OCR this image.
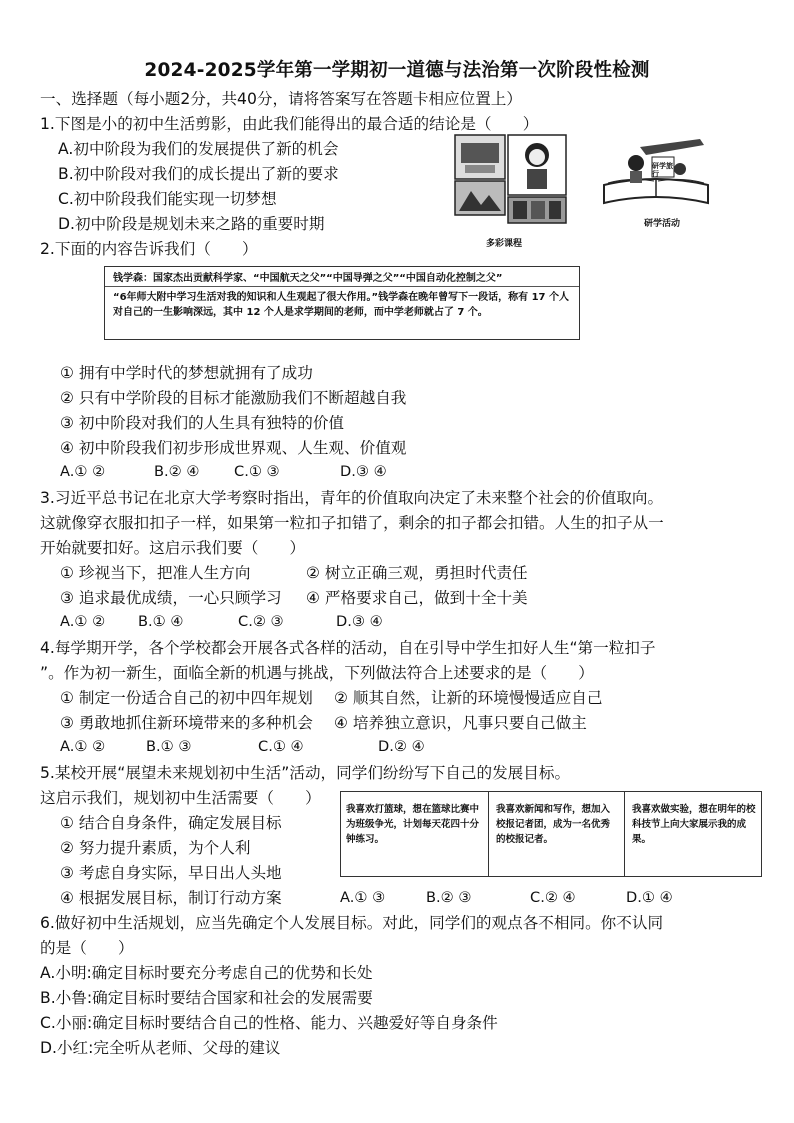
2024-2025学年第一学期初一道德与法治第一次阶段性检测
一、选择题（每小题2分，共40分，请将答案写在答题卡相应位置上）
1.下图是小的初中生活剪影，由此我们能得出的最合适的结论是（　　）
A.初中阶段为我们的发展提供了新的机会
B.初中阶段对我们的成长提出了新的要求
C.初中阶段我们能实现一切梦想
D.初中阶段是规划未来之路的重要时期
多彩课程
研学旅行
研学活动
2.下面的内容告诉我们（　　）
钱学森：国家杰出贡献科学家、“中国航天之父”“中国导弹之父”“中国自动化控制之父”
“6年师大附中学习生活对我的知识和人生观起了很大作用。”钱学森在晚年曾写下一段话，称有 17 个人对自己的一生影响深远，其中 12 个人是求学期间的老师，而中学老师就占了 7 个。
① 拥有中学时代的梦想就拥有了成功
② 只有中学阶段的目标才能激励我们不断超越自我
③ 初中阶段对我们的人生具有独特的价值
④ 初中阶段我们初步形成世界观、人生观、价值观
A.① ②	B.② ④ C.① ③	D.③ ④
3.习近平总书记在北京大学考察时指出，青年的价值取向决定了未来整个社会的价值取向。
这就像穿衣服扣扣子一样，如果第一粒扣子扣错了，剩余的扣子都会扣错。人生的扣子从一
开始就要扣好。这启示我们要（　　）
① 珍视当下，把准人生方向	② 树立正确三观，勇担时代责任
③ 追求最优成绩，一心只顾学习 ④ 严格要求自己，做到十全十美
A.① ② B.① ④	C.② ③	D.③ ④
4.每学期开学，各个学校都会开展各式各样的活动，自在引导中学生扣好人生“第一粒扣子
”。作为初一新生，面临全新的机遇与挑战，下列做法符合上述要求的是（　　）
① 制定一份适合自己的初中四年规划 ② 顺其自然，让新的环境慢慢适应自己
③ 勇敢地抓住新环境带来的多种机会 ④ 培养独立意识，凡事只要自己做主
A.① ②	B.① ③	C.① ④	D.② ④
5.某校开展“展望未来规划初中生活”活动，同学们纷纷写下自己的发展目标。
这启示我们，规划初中生活需要（　　）
我喜欢打篮球，想在篮球比赛中为班级争光，计划每天花四十分钟练习。
我喜欢新闻和写作，想加入校报记者团，成为一名优秀的校报记者。
我喜欢做实验，想在明年的校科技节上向大家展示我的成果。
① 结合自身条件，确定发展目标
② 努力提升素质，为个人利
③ 考虑自身实际，早日出人头地
④ 根据发展目标，制订行动方案	A.① ③	B.② ③	C.② ④	D.① ④
6.做好初中生活规划，应当先确定个人发展目标。对此，同学们的观点各不相同。你不认同
的是（　　）
A.小明:确定目标时要充分考虑自己的优势和长处
B.小鲁:确定目标时要结合国家和社会的发展需要
C.小丽:确定目标时要结合自己的性格、能力、兴趣爱好等自身条件
D.小红:完全听从老师、父母的建议
